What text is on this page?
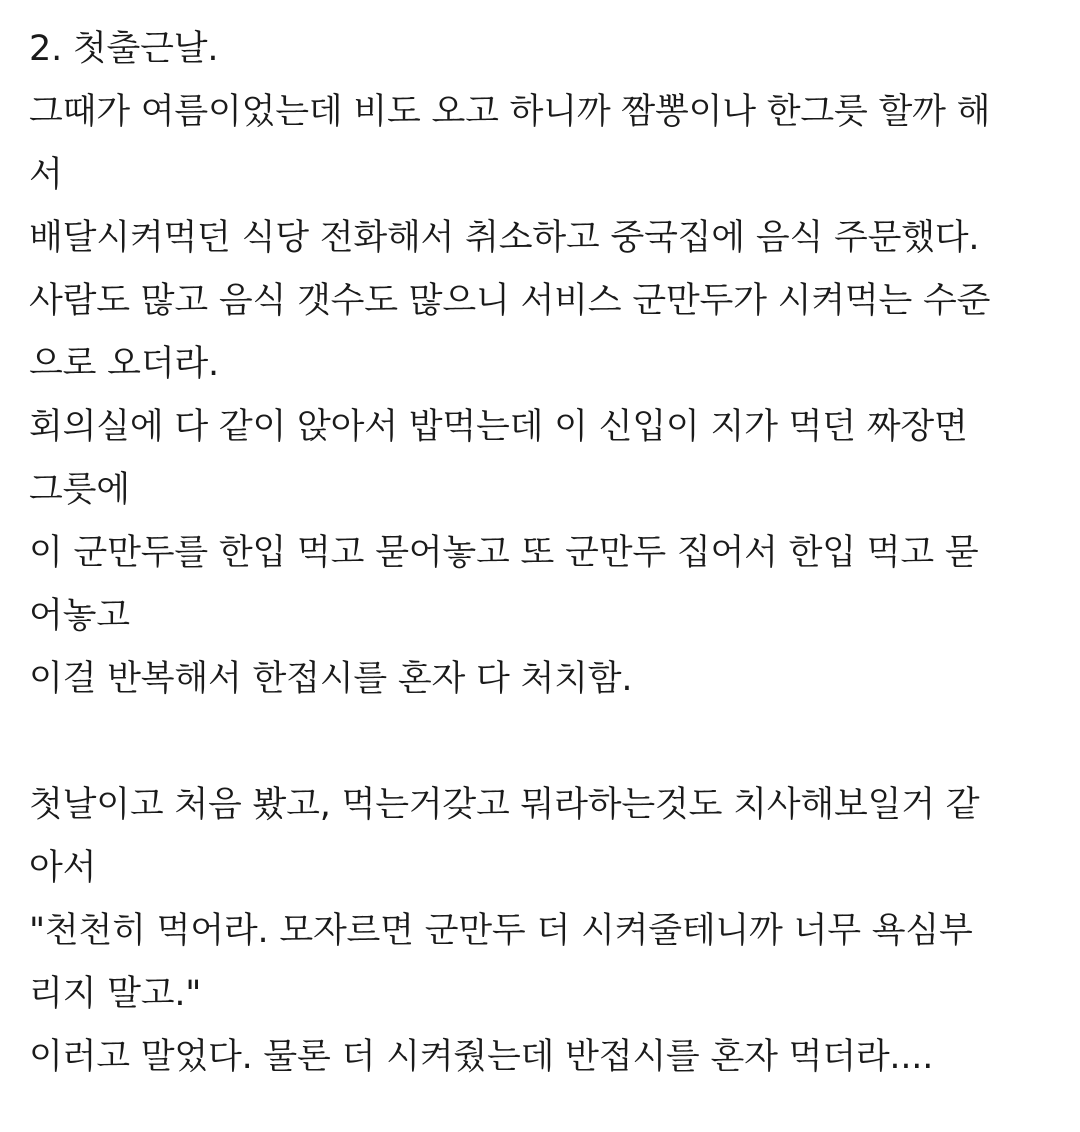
2. 첫출근날.
그때가 여름이었는데 비도 오고 하니까 짬뽕이나 한그릇 할까 해
서
배달시켜먹던 식당 전화해서 취소하고 중국집에 음식 주문했다.
사람도 많고 음식 갯수도 많으니 서비스 군만두가 시켜먹는 수준
으로 오더라.
회의실에 다 같이 앉아서 밥먹는데 이 신입이 지가 먹던 짜장면
그릇에
이 군만두를 한입 먹고 묻어놓고 또 군만두 집어서 한입 먹고 묻
어놓고
이걸 반복해서 한접시를 혼자 다 처치함.
첫날이고 처음 봤고, 먹는거갖고 뭐라하는것도 치사해보일거 같
아서
"천천히 먹어라. 모자르면 군만두 더 시켜줄테니까 너무 욕심부
리지 말고."
이러고 말었다. 물론 더 시켜줬는데 반접시를 혼자 먹더라....
